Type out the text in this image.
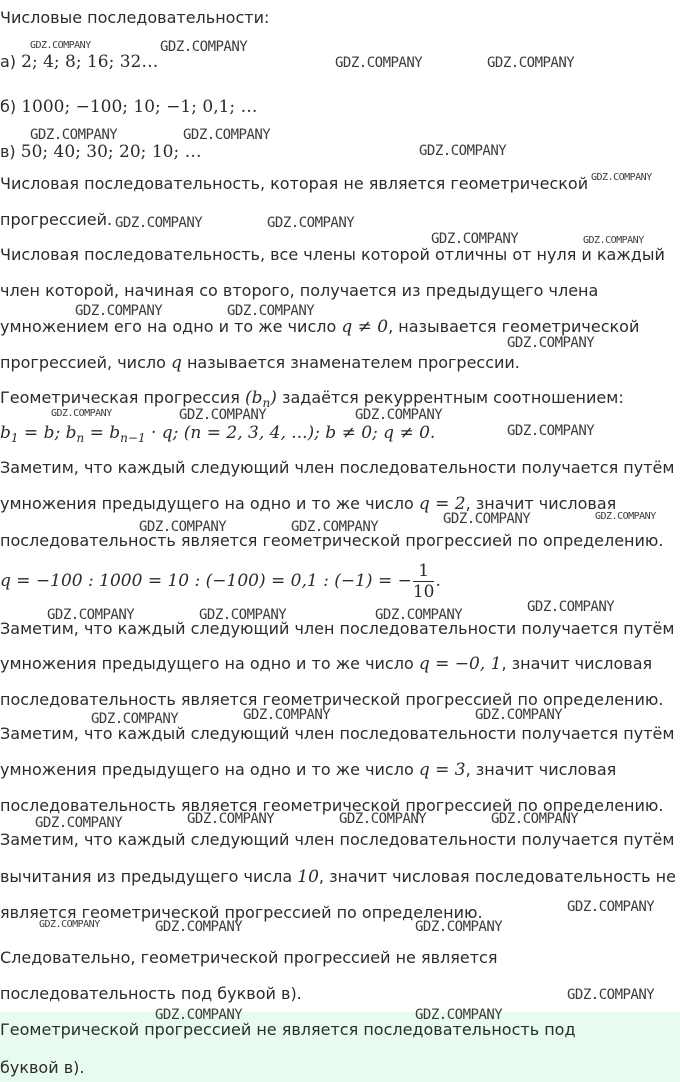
Числовые последовательности:
а) 2; 4; 8; 16; 32…
б) 1000; −100; 10; −1; 0,1; …
в) 50; 40; 30; 20; 10; …
Числовая последовательность, которая не является геометрической
прогрессией.
Числовая последовательность, все члены которой отличны от нуля и каждый
член которой, начиная со второго, получается из предыдущего члена
умножением его на одно и то же число q ≠ 0, называется геометрической
прогрессией, число q называется знаменателем прогрессии.
Геометрическая прогрессия $(b_n)$ задаётся рекуррентным соотношением:
$b_1 = b$; $b_n = b_{n-1} \cdot q$; (n = 2, 3, 4, ...); b ≠ 0; q ≠ 0.
Заметим, что каждый следующий член последовательности получается путём
умножения предыдущего на одно и то же число q = 2, значит числовая
последовательность является геометрической прогрессией по определению.
q = −100 : 1000 = 10 : (−100) = 0,1 : (−1) = − $\frac{1}{10}$ .
Заметим, что каждый следующий член последовательности получается путём
умножения предыдущего на одно и то же число q = −0, 1, значит числовая
последовательность является геометрической прогрессией по определению.
Заметим, что каждый следующий член последовательности получается путём
умножения предыдущего на одно и то же число q = 3, значит числовая
последовательность является геометрической прогрессией по определению.
Заметим, что каждый следующий член последовательности получается путём
вычитания из предыдущего числа 10, значит числовая последовательность не
является геометрической прогрессией по определению.
Следовательно, геометрической прогрессией не является
последовательность под буквой в).
Геометрической прогрессией не является последовательность под
буквой в).
GDZ.COMPANY	GDZ.COMPANY
GDZ.COMPANY	GDZ.COMPANY
GDZ.COMPANY	GDZ.COMPANY
GDZ.COMPANY
GDZ.COMPANY
GDZ.COMPANY	GDZ.COMPANY
GDZ.COMPANY	GDZ.COMPANY
GDZ.COMPANY	GDZ.COMPANY
GDZ.COMPANY
GDZ.COMPANY	GDZ.COMPANY	GDZ.COMPANY
GDZ.COMPANY
GDZ.COMPANY	GDZ.COMPANY
GDZ.COMPANY	GDZ.COMPANY
GDZ.COMPANY
GDZ.COMPANY	GDZ.COMPANY	GDZ.COMPANY
GDZ.COMPANY	GDZ.COMPANY	GDZ.COMPANY
GDZ.COMPANY	GDZ.COMPANY	GDZ.COMPANY	GDZ.COMPANY
GDZ.COMPANY
GDZ.COMPANY	GDZ.COMPANY	GDZ.COMPANY
GDZ.COMPANY
GDZ.COMPANY	GDZ.COMPANY
